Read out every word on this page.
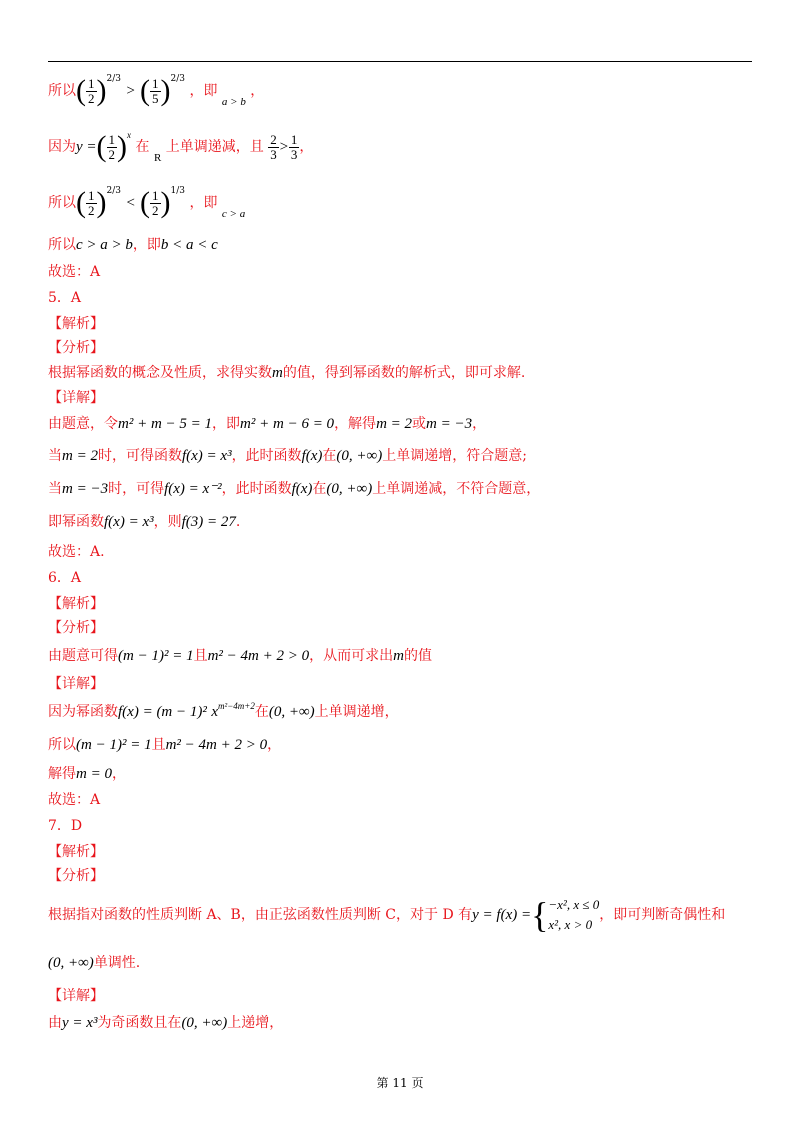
所以( $\frac{1}{2} )^{2/3}$ > ( $\frac{1}{5} )^{2/3}$ ，即 $_{a > b}$ ，
因为y =( $\frac{1}{2} )^x$ 在 $_R$ 上单调递减，且 $\frac{2}{3} > \frac{1}{3}$ ，
所以( $\frac{1}{2} )^{2/3}$ < ( $\frac{1}{2} )^{1/3}$ ，即 $_{c > a}$
所以c > a > b，即b < a < c
故选：A
5．A
【解析】
【分析】
根据幂函数的概念及性质，求得实数m的值，得到幂函数的解析式，即可求解.
【详解】
由题意，令m² + m − 5 = 1，即m² + m − 6 = 0，解得m = 2或m = −3，
当m = 2时，可得函数f(x) = x³，此时函数f(x)在(0, +∞)上单调递增，符合题意;
当m = −3时，可得f(x) = x⁻²，此时函数f(x)在(0, +∞)上单调递减，不符合题意，
即幂函数f(x) = x³，则f(3) = 27.
故选：A.
6．A
【解析】
【分析】
由题意可得(m − 1)² = 1且m² − 4m + 2 > 0，从而可求出m的值
【详解】
因为幂函数f(x) = (m − 1)² $x^{m^2-4m+2}$在(0, +∞)上单调递增，
所以(m − 1)² = 1且m² − 4m + 2 > 0，
解得m = 0，
故选：A
7．D
【解析】
【分析】
根据指对函数的性质判断 A、B，由正弦函数性质判断 C，对于 D 有y = f(x) ={ −x², x ≤ 0
x², x > 0
，即可判断奇偶性和
(0, +∞)单调性.
【详解】
由y = x³为奇函数且在(0, +∞)上递增，
第 11 页
